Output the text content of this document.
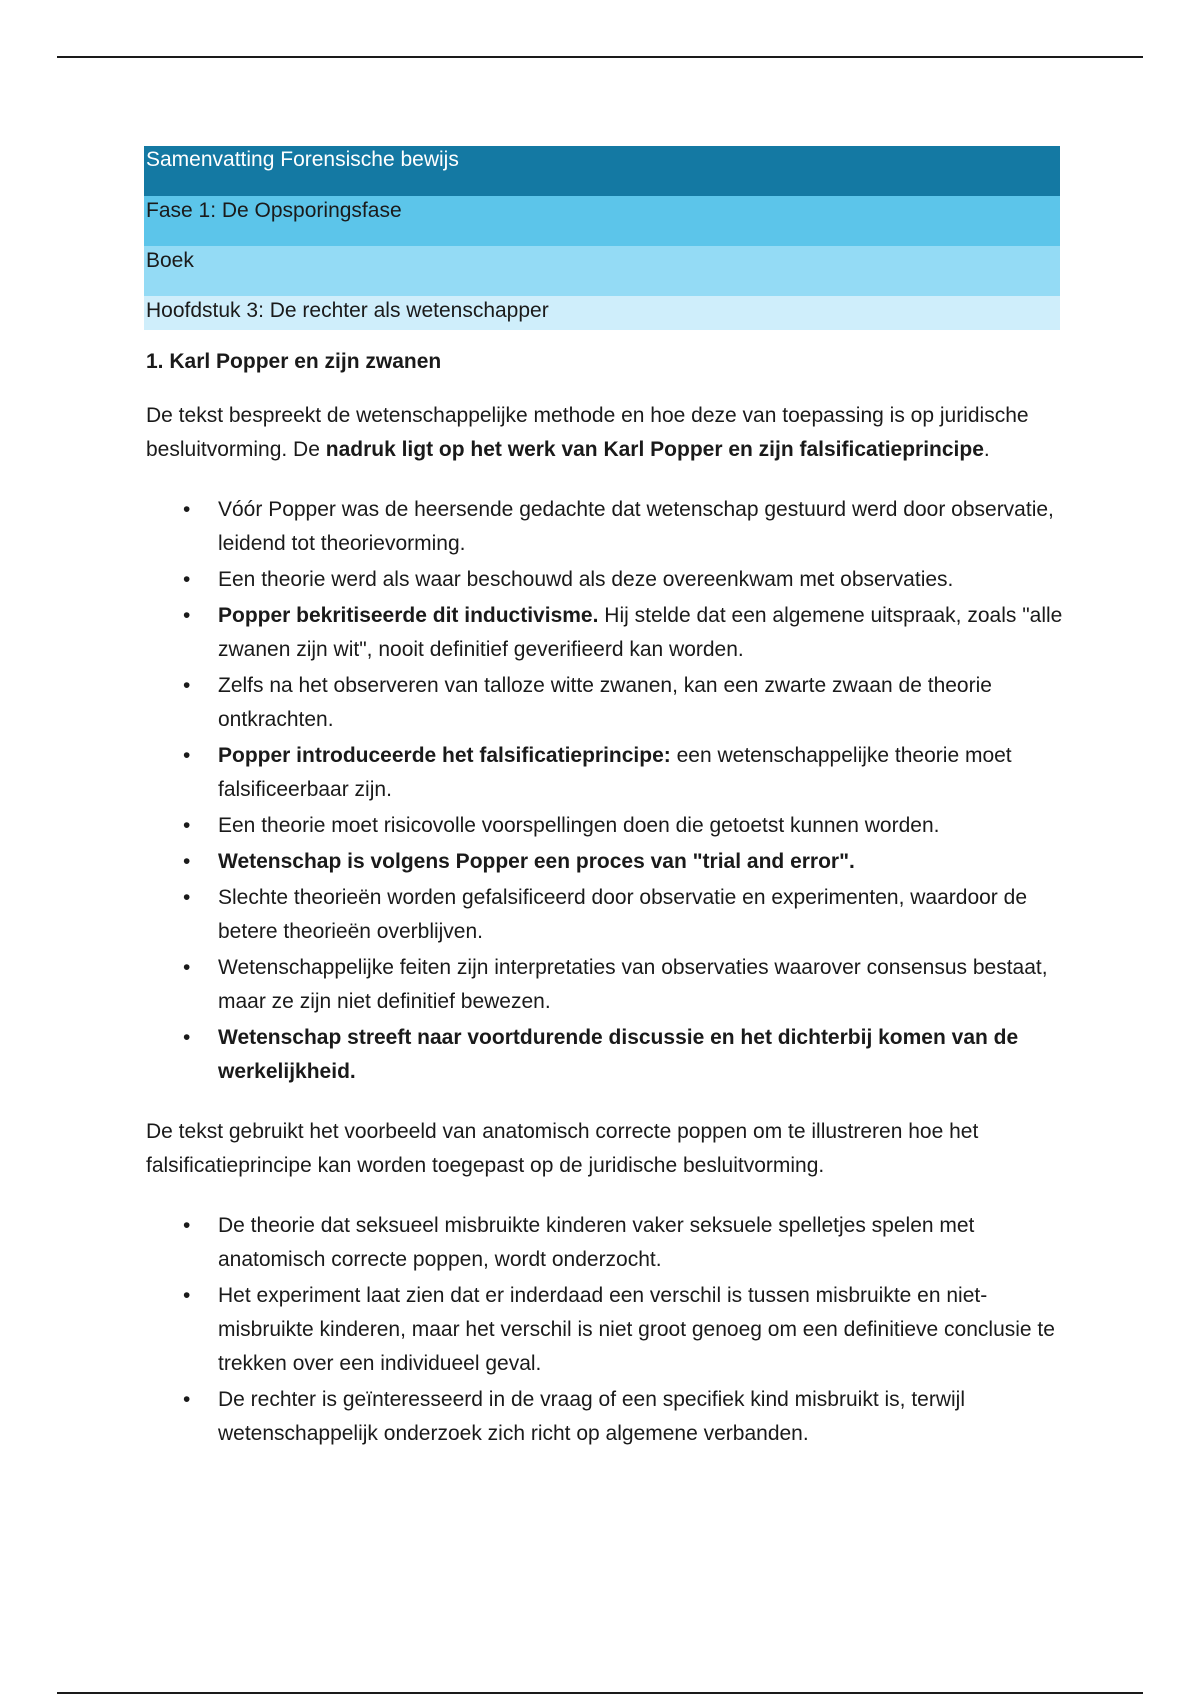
Samenvatting Forensische bewijs
Fase 1: De Opsporingsfase
Boek
Hoofdstuk 3: De rechter als wetenschapper
1. Karl Popper en zijn zwanen

De tekst bespreekt de wetenschappelijke methode en hoe deze van toepassing is op juridische besluitvorming. De nadruk ligt op het werk van Karl Popper en zijn falsificatieprincipe.

• Vóór Popper was de heersende gedachte dat wetenschap gestuurd werd door observatie, leidend tot theorievorming.
• Een theorie werd als waar beschouwd als deze overeenkwam met observaties.
• Popper bekritiseerde dit inductivisme. Hij stelde dat een algemene uitspraak, zoals "alle zwanen zijn wit", nooit definitief geverifieerd kan worden.
• Zelfs na het observeren van talloze witte zwanen, kan een zwarte zwaan de theorie ontkrachten.
• Popper introduceerde het falsificatieprincipe: een wetenschappelijke theorie moet falsificeerbaar zijn.
• Een theorie moet risicovolle voorspellingen doen die getoetst kunnen worden.
• Wetenschap is volgens Popper een proces van "trial and error".
• Slechte theorieën worden gefalsificeerd door observatie en experimenten, waardoor de betere theorieën overblijven.
• Wetenschappelijke feiten zijn interpretaties van observaties waarover consensus bestaat, maar ze zijn niet definitief bewezen.
• Wetenschap streeft naar voortdurende discussie en het dichterbij komen van de werkelijkheid.

De tekst gebruikt het voorbeeld van anatomisch correcte poppen om te illustreren hoe het falsificatieprincipe kan worden toegepast op de juridische besluitvorming.

• De theorie dat seksueel misbruikte kinderen vaker seksuele spelletjes spelen met anatomisch correcte poppen, wordt onderzocht.
• Het experiment laat zien dat er inderdaad een verschil is tussen misbruikte en niet-misbruikte kinderen, maar het verschil is niet groot genoeg om een definitieve conclusie te trekken over een individueel geval.
• De rechter is geïnteresseerd in de vraag of een specifiek kind misbruikt is, terwijl wetenschappelijk onderzoek zich richt op algemene verbanden.
